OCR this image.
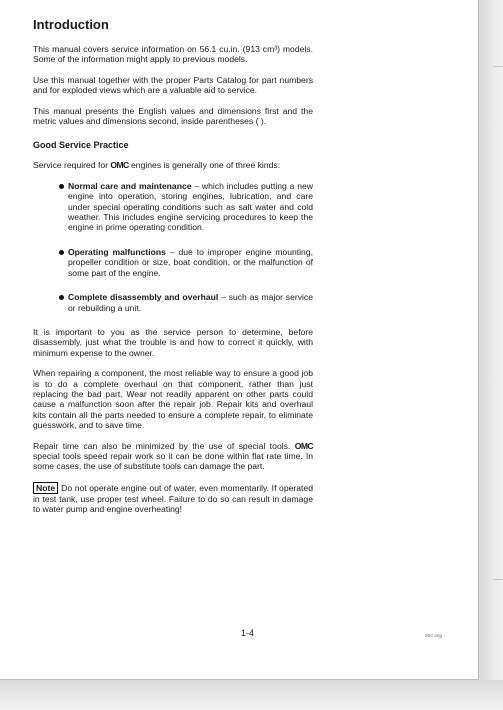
Introduction

This manual covers service information on 56.1 cu.in. (913 cm³) models. Some of the information might apply to previous models.

Use this manual together with the proper Parts Catalog for part numbers and for exploded views which are a valuable aid to service.

This manual presents the English values and dimensions first and the metric values and dimensions second, inside parentheses ( ).

Good Service Practice

Service required for OMC engines is generally one of three kinds:

Normal care and maintenance – which includes putting a new engine into operation, storing engines, lubrication, and care under special operating conditions such as salt water and cold weather. This includes engine servicing procedures to keep the engine in prime operating condition.
Operating malfunctions – due to improper engine mounting, propeller condition or size, boat condition, or the malfunction of some part of the engine.
Complete disassembly and overhaul – such as major service or rebuilding a unit.

It is important to you as the service person to determine, before disassembly, just what the trouble is and how to correct it quickly, with minimum expense to the owner.

When repairing a component, the most reliable way to ensure a good job is to do a complete overhaul on that component, rather than just replacing the bad part. Wear not readily apparent on other parts could cause a malfunction soon after the repair job. Repair kits and overhaul kits contain all the parts needed to ensure a complete repair, to eliminate guesswork, and to save time.

Repair time can also be minimized by the use of special tools. OMC special tools speed repair work so it can be done within flat rate time. In some cases, the use of substitute tools can damage the part.

Note Do not operate engine out of water, even momentarily. If operated in test tank, use proper test wheel. Failure to do so can result in damage to water pump and engine overheating!

1-4	56C eng
